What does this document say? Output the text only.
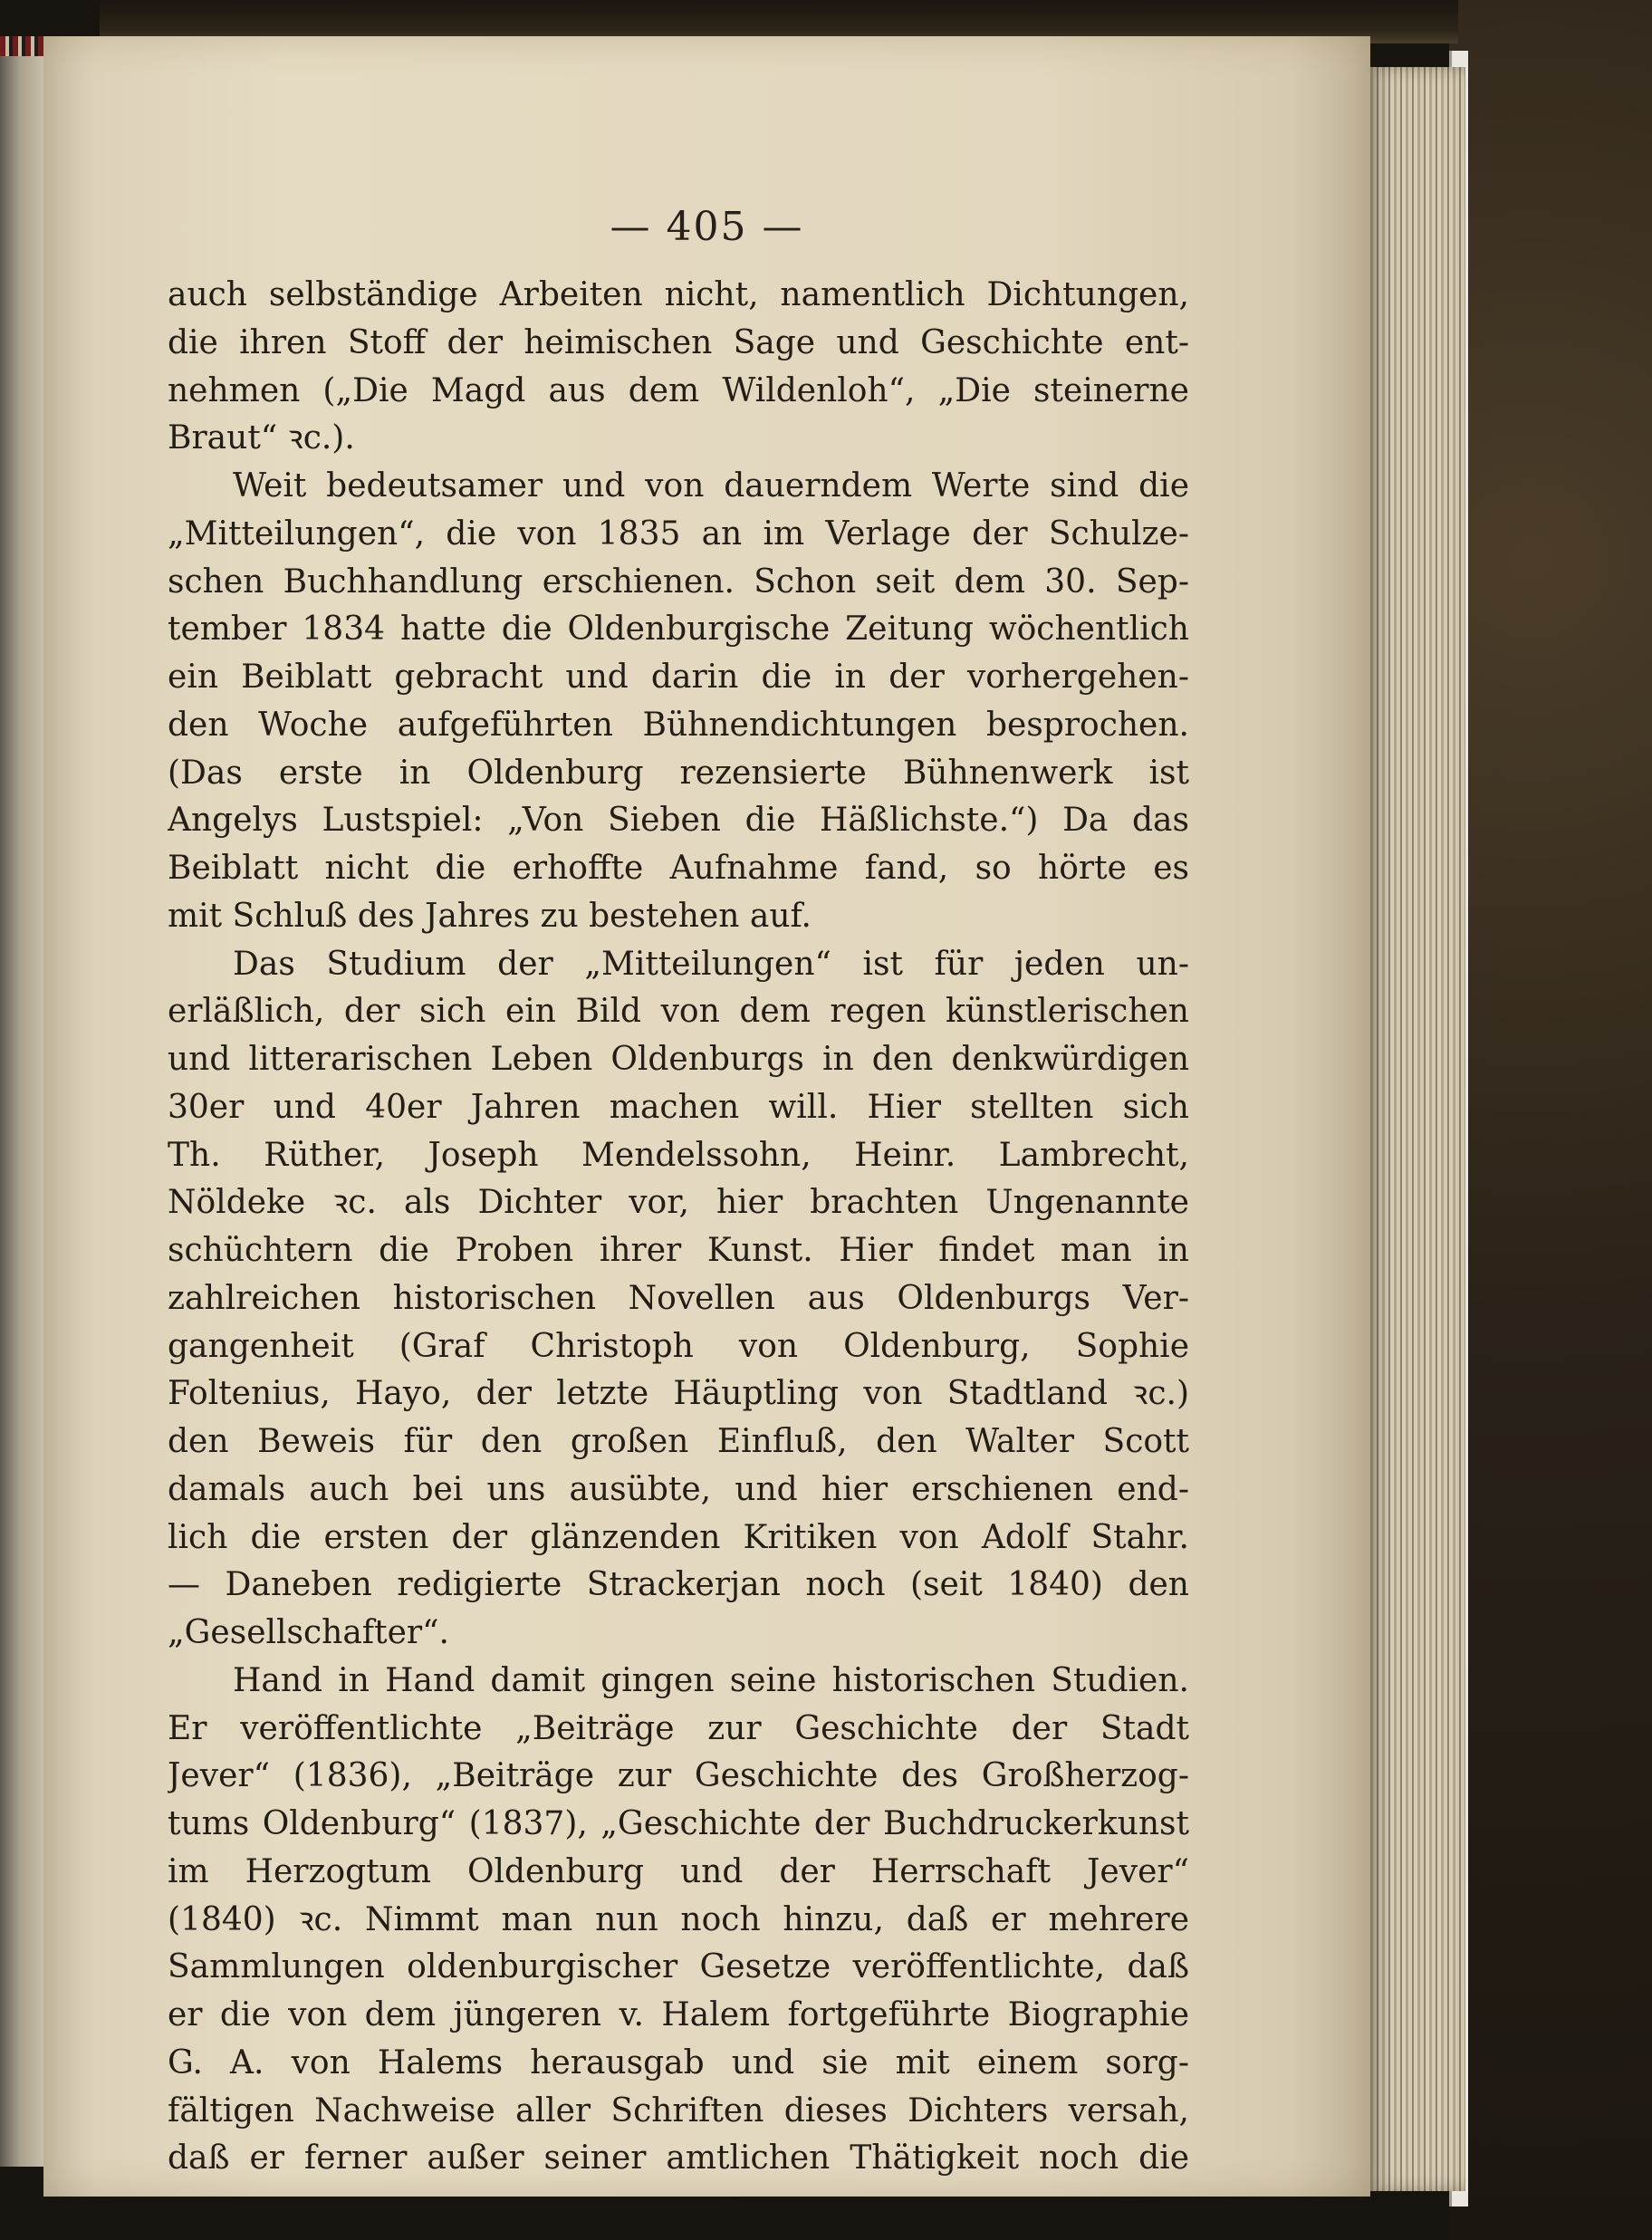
— 405 —
auch selbständige Arbeiten nicht, namentlich Dichtungen,
die ihren Stoff der heimischen Sage und Geschichte ent-
nehmen („Die Magd aus dem Wildenloh“, „Die steinerne
Braut“ ꝛc.).
Weit bedeutsamer und von dauerndem Werte sind die
„Mitteilungen“, die von 1835 an im Verlage der Schulze-
schen Buchhandlung erschienen. Schon seit dem 30. Sep-
tember 1834 hatte die Oldenburgische Zeitung wöchentlich
ein Beiblatt gebracht und darin die in der vorhergehen-
den Woche aufgeführten Bühnendichtungen besprochen.
(Das erste in Oldenburg rezensierte Bühnenwerk ist
Angelys Lustspiel: „Von Sieben die Häßlichste.“) Da das
Beiblatt nicht die erhoffte Aufnahme fand, so hörte es
mit Schluß des Jahres zu bestehen auf.
Das Studium der „Mitteilungen“ ist für jeden un-
erläßlich, der sich ein Bild von dem regen künstlerischen
und litterarischen Leben Oldenburgs in den denkwürdigen
30er und 40er Jahren machen will. Hier stellten sich
Th. Rüther, Joseph Mendelssohn, Heinr. Lambrecht,
Nöldeke ꝛc. als Dichter vor, hier brachten Ungenannte
schüchtern die Proben ihrer Kunst. Hier findet man in
zahlreichen historischen Novellen aus Oldenburgs Ver-
gangenheit (Graf Christoph von Oldenburg, Sophie
Foltenius, Hayo, der letzte Häuptling von Stadtland ꝛc.)
den Beweis für den großen Einfluß, den Walter Scott
damals auch bei uns ausübte, und hier erschienen end-
lich die ersten der glänzenden Kritiken von Adolf Stahr.
— Daneben redigierte Strackerjan noch (seit 1840) den
„Gesellschafter“.
Hand in Hand damit gingen seine historischen Studien.
Er veröffentlichte „Beiträge zur Geschichte der Stadt
Jever“ (1836), „Beiträge zur Geschichte des Großherzog-
tums Oldenburg“ (1837), „Geschichte der Buchdruckerkunst
im Herzogtum Oldenburg und der Herrschaft Jever“
(1840) ꝛc. Nimmt man nun noch hinzu, daß er mehrere
Sammlungen oldenburgischer Gesetze veröffentlichte, daß
er die von dem jüngeren v. Halem fortgeführte Biographie
G. A. von Halems herausgab und sie mit einem sorg-
fältigen Nachweise aller Schriften dieses Dichters versah,
daß er ferner außer seiner amtlichen Thätigkeit noch die
